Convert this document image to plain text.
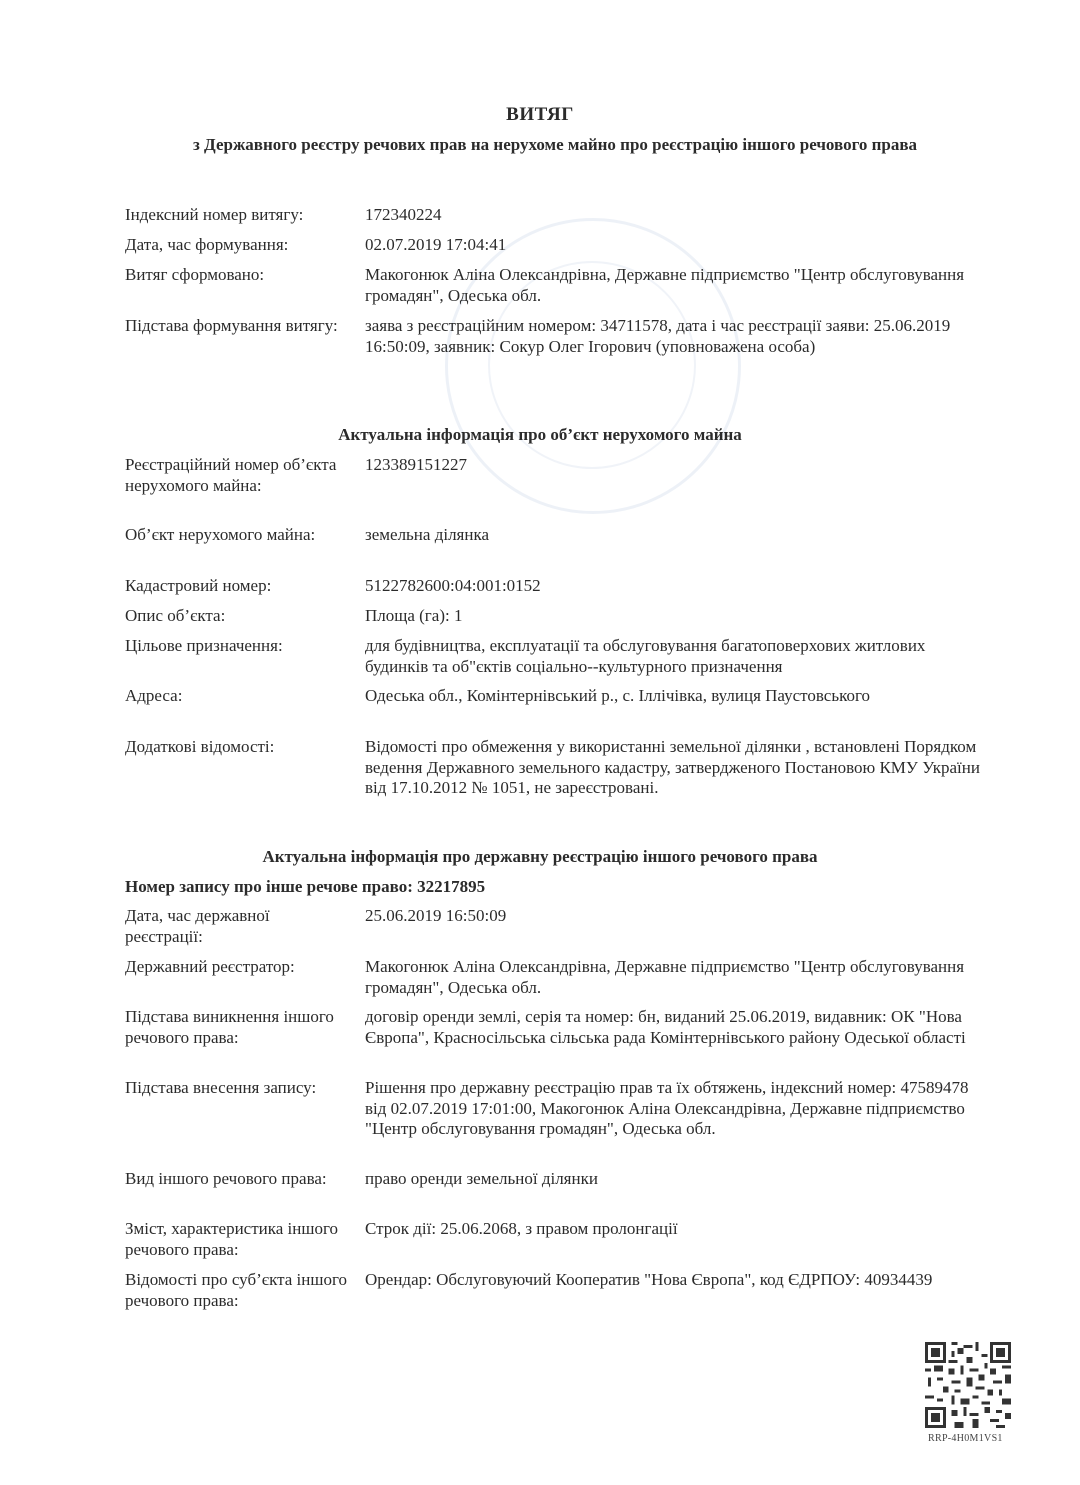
ВИТЯГ
з Державного реєстру речових прав на нерухоме майно про реєстрацію іншого речового права
Індексний номер витягу:	172340224
Дата, час формування:	02.07.2019 17:04:41
Витяг сформовано:	Макогонюк Аліна Олександрівна, Державне підприємство "Центр обслуговування громадян", Одеська обл.
Підстава формування витягу:	заява з реєстраційним номером: 34711578, дата і час реєстрації заяви: 25.06.2019 16:50:09, заявник: Сокур Олег Ігорович (уповноважена особа)
Актуальна інформація про об’єкт нерухомого майна
Реєстраційний номер об’єкта нерухомого майна:
123389151227
Об’єкт нерухомого майна:	земельна ділянка
Кадастровий номер:	5122782600:04:001:0152
Опис об’єкта:	Площа (га): 1
Цільове призначення:	для будівництва, експлуатації та обслуговування багатоповерхових житлових будинків та об"єктів соціально--культурного призначення
Адреса:	Одеська обл., Комінтернівський р., с. Іллічівка, вулиця Паустовського
Додаткові відомості:	Відомості про обмеження у використанні земельної ділянки , встановлені Порядком ведення Державного земельного кадастру, затвердженого Постановою КМУ України від 17.10.2012 № 1051, не зареєстровані.
Актуальна інформація про державну реєстрацію іншого речового права
Номер запису про інше речове право: 32217895
Дата, час державної реєстрації:
25.06.2019 16:50:09
Державний реєстратор:	Макогонюк Аліна Олександрівна, Державне підприємство "Центр обслуговування громадян", Одеська обл.
Підстава виникнення іншого речового права:
договір оренди землі, серія та номер: бн, виданий 25.06.2019, видавник: ОК "Нова Європа", Красносільська сільська рада Комінтернівського району Одеської області
Підстава внесення запису:	Рішення про державну реєстрацію прав та їх обтяжень, індексний номер: 47589478 від 02.07.2019 17:01:00, Макогонюк Аліна Олександрівна, Державне підприємство "Центр обслуговування громадян", Одеська обл.
Вид іншого речового права:	право оренди земельної ділянки
Зміст, характеристика іншого речового права:
Строк дії: 25.06.2068, з правом пролонгації
Відомості про суб’єкта іншого речового права:
Орендар: Обслуговуючий Кооператив "Нова Європа", код ЄДРПОУ: 40934439
RRP-4H0M1VS1
